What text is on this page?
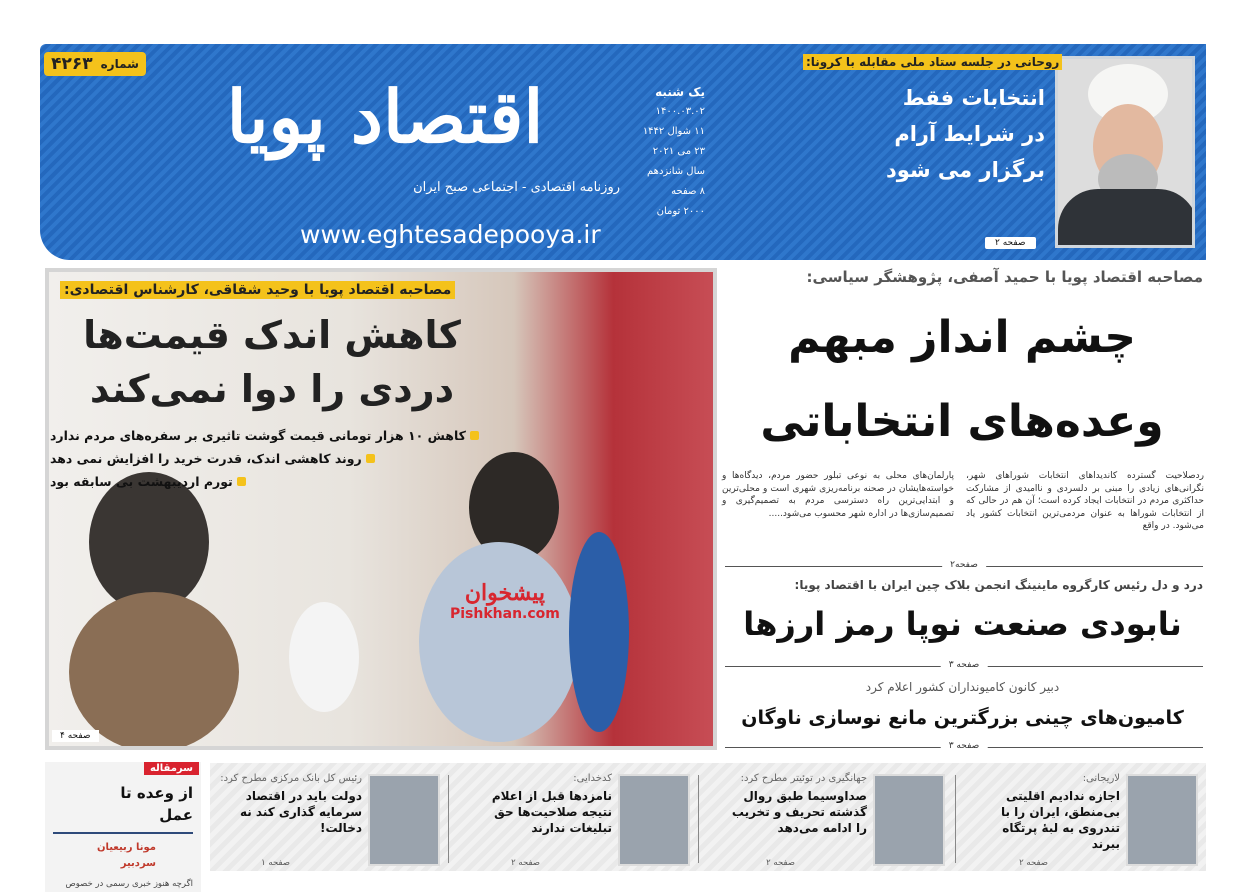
شماره
۴۲۶۳
اقتصاد پویا
روزنامه اقتصادی - اجتماعی صبح ایران
www.eghtesadepooya.ir
یک شنبه
۱۴۰۰.۰۳.۰۲
۱۱ شوال ۱۴۴۲
۲۳ می ۲۰۲۱
سال شانزدهم
۸ صفحه
۲۰۰۰ تومان
روحانی در جلسه ستاد ملی مقابله با کرونا:
انتخابات فقط در شرایط آرام برگزار می شود
صفحه ۲
مصاحبه اقتصاد پویا با وحید شقاقی، کارشناس اقتصادی:
کاهش اندک قیمت‌ها
دردی را دوا نمی‌کند
کاهش ۱۰ هزار تومانی قیمت گوشت تاثیری بر سفره‌های مردم ندارد
روند کاهشی اندک، قدرت خرید را افزایش نمی دهد
تورم اردیبهشت بی سابقه بود
پیشخوان
Pishkhan.com
صفحه ۴
مصاحبه اقتصاد پویا با حمید آصفی، پژوهشگر سیاسی:
چشم انداز مبهم
وعده‌های انتخاباتی
ردصلاحیت گسترده کاندیداهای انتخابات شوراهای شهر، نگرانی‌های زیادی را مبنی بر دلسردی و ناامیدی از مشارکت حداکثری مردم در انتخابات ایجاد کرده است؛ آن هم در حالی که از انتخابات شوراها به عنوان مردمی‌ترین انتخابات کشور یاد می‌شود. در واقع
پارلمان‌های محلی به نوعی تبلور حضور مردم، دیدگاه‌ها و خواسته‌هایشان در صحنه برنامه‌ریزی شهری است و محلی‌ترین و ابتدایی‌ترین راه دسترسی مردم به تصمیم‌گیری و تصمیم‌سازی‌ها در اداره شهر محسوب می‌شود.....
صفحه۲
درد و دل رئیس کارگروه ماینینگ انجمن بلاک چین ایران با اقتصاد پویا:
نابودی صنعت نوپا رمز ارزها
صفحه ۳
دبیر کانون کامیونداران کشور اعلام کرد
کامیون‌های چینی بزرگترین مانع نوسازی ناوگان
صفحه ۳
سرمقاله
از وعده تا عمل
مونا ربیعیان
سردبیر
اگرچه هنوز خبری رسمی در خصوص
لاریجانی:
اجازه ندادیم اقلیتی بی‌منطق، ایران را با تندروی به لبهٔ پرتگاه ببرند
صفحه ۲
جهانگیری در توئیتر مطرح کرد:
صداوسیما طبق روال گذشته تحریف و تخریب را ادامه می‌دهد
صفحه ۲
کدخدایی:
نامزدها قبل از اعلام نتیجه صلاحیت‌ها حق تبلیغات ندارند
صفحه ۲
رئیس کل بانک مرکزی مطرح کرد:
دولت باید در اقتصاد سرمایه گذاری کند نه دخالت!
صفحه ۱
